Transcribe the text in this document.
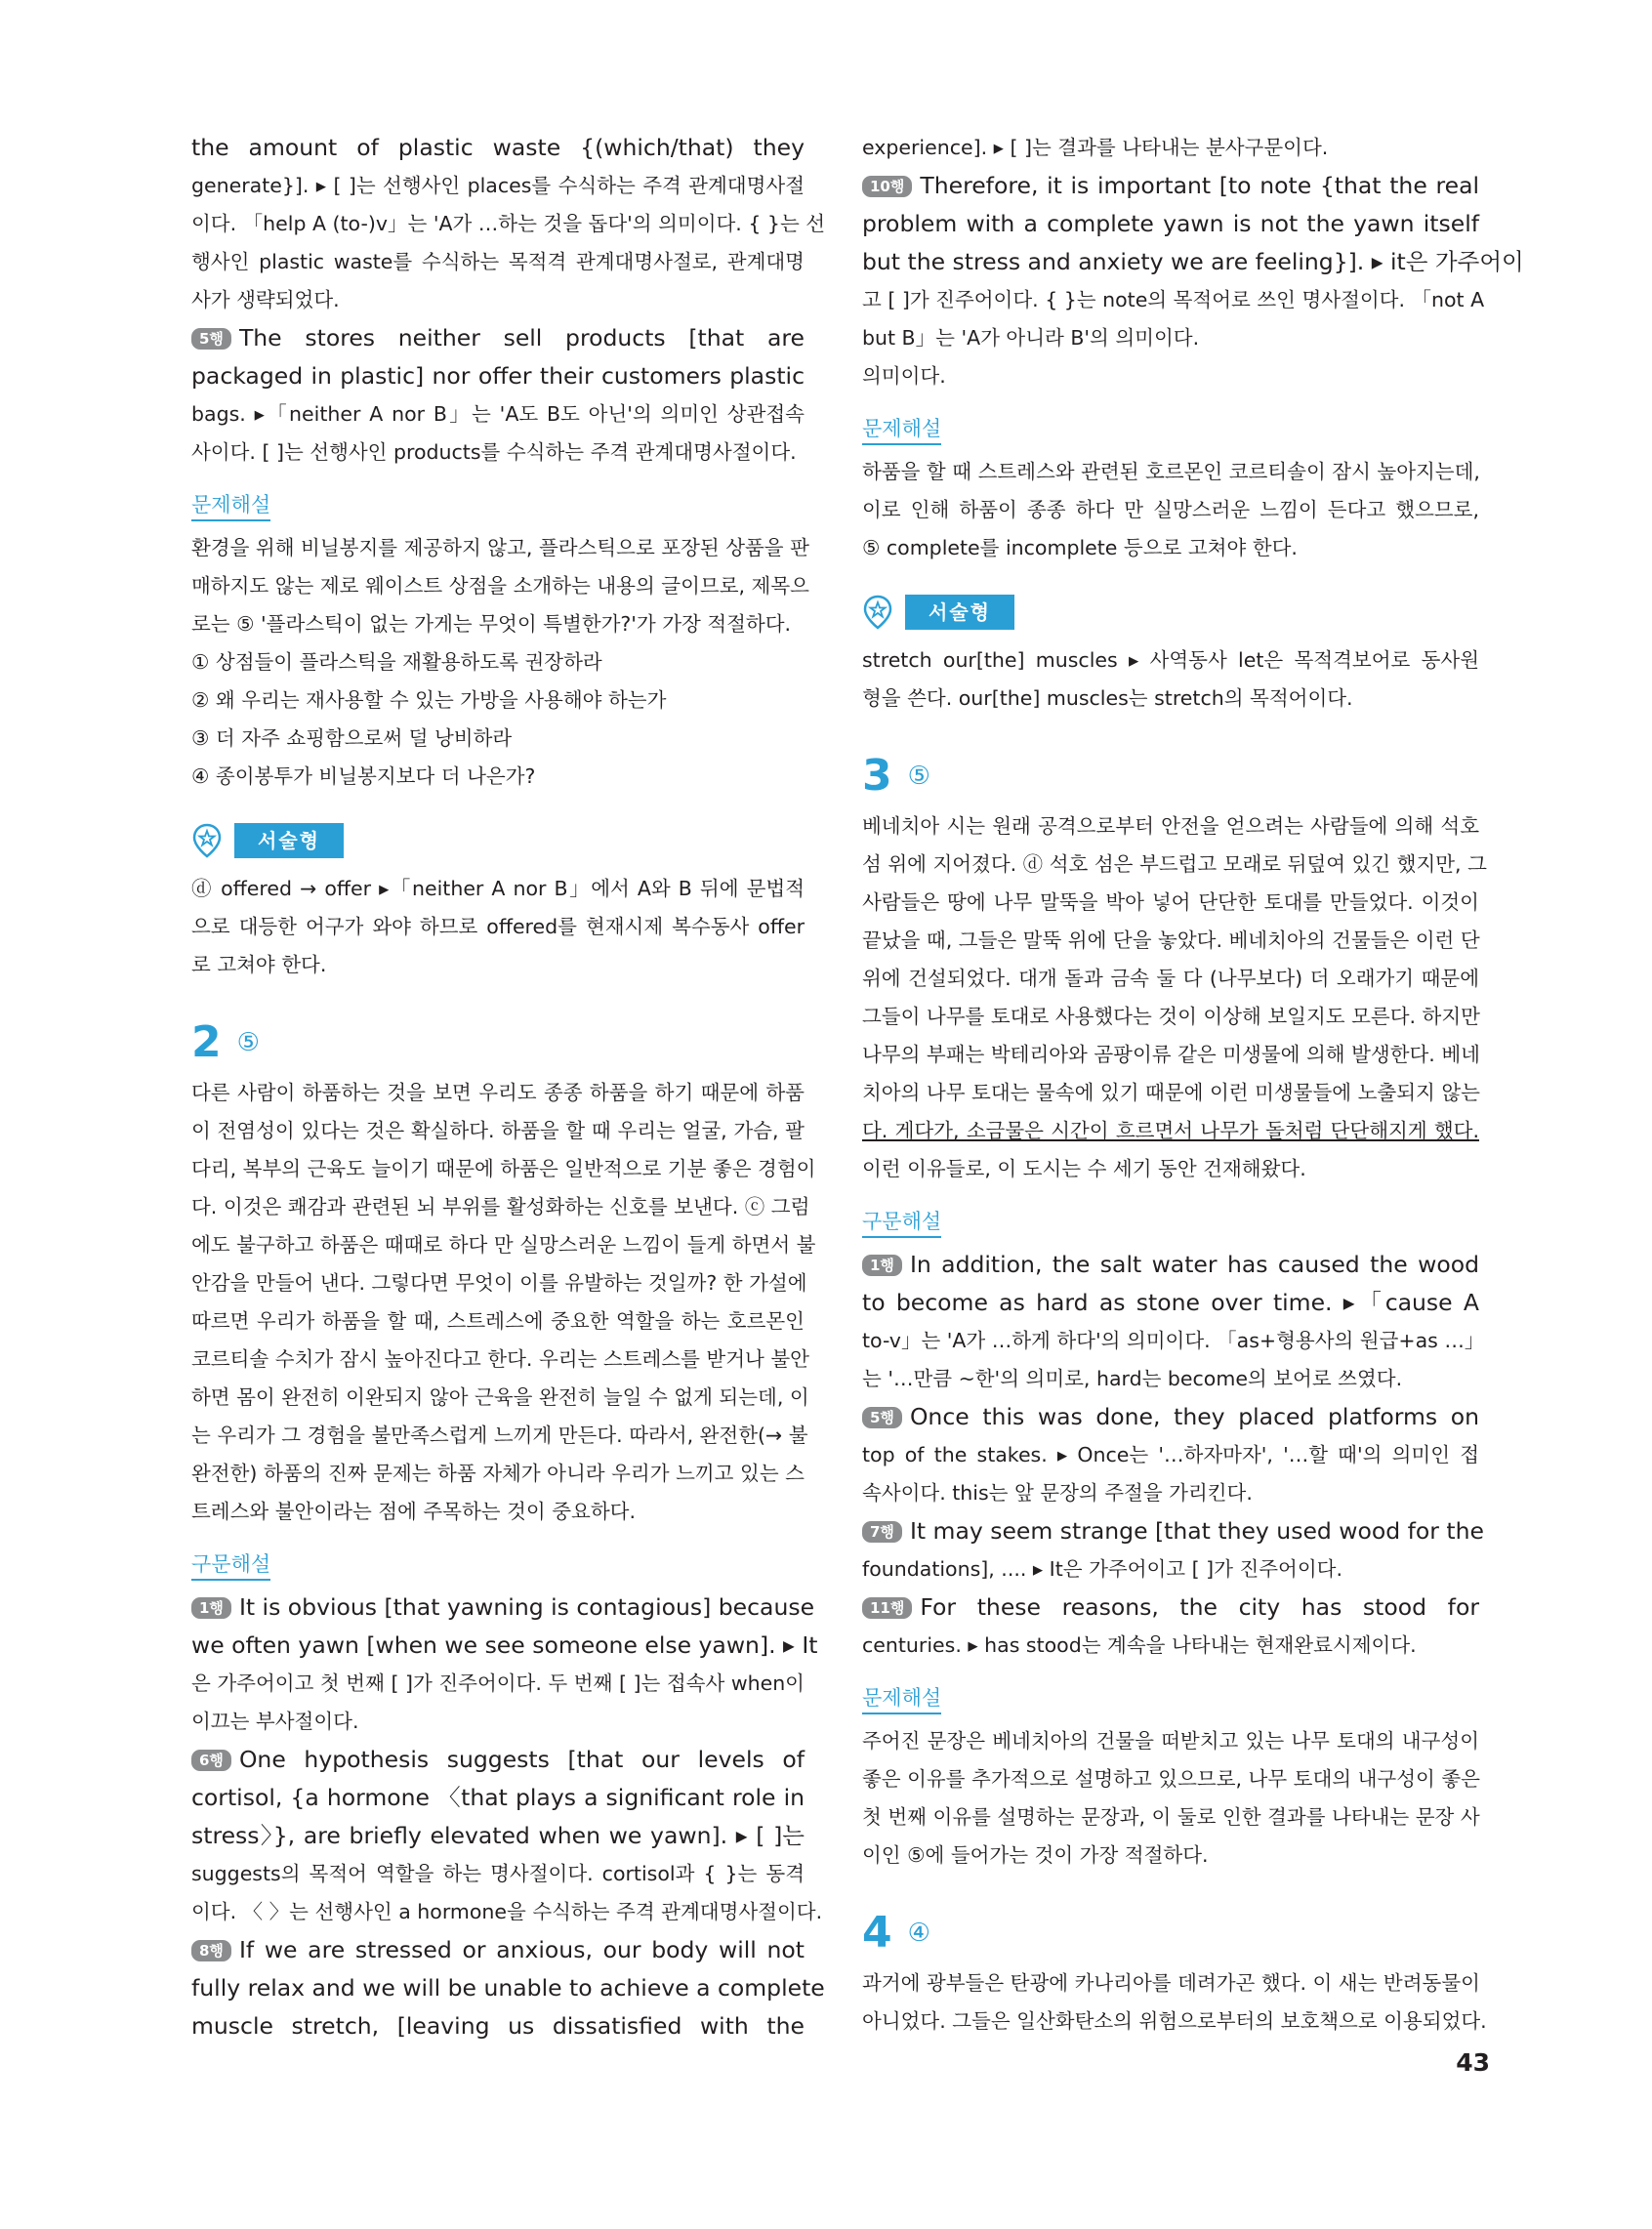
the amount of plastic waste {(which/that) they
generate}]. ▸ [ ]는 선행사인 places를 수식하는 주격 관계대명사절
이다. 「help A (to-)v」는 'A가 …하는 것을 돕다'의 의미이다. { }는 선
행사인 plastic waste를 수식하는 목적격 관계대명사절로, 관계대명
사가 생략되었다.
5행 The stores neither sell products [that are
packaged in plastic] nor offer their customers plastic
bags. ▸「neither A nor B」는 'A도 B도 아닌'의 의미인 상관접속
사이다. [ ]는 선행사인 products를 수식하는 주격 관계대명사절이다.
문제해설
환경을 위해 비닐봉지를 제공하지 않고, 플라스틱으로 포장된 상품을 판
매하지도 않는 제로 웨이스트 상점을 소개하는 내용의 글이므로, 제목으
로는 ⑤ '플라스틱이 없는 가게는 무엇이 특별한가?'가 가장 적절하다.
① 상점들이 플라스틱을 재활용하도록 권장하라
② 왜 우리는 재사용할 수 있는 가방을 사용해야 하는가
③ 더 자주 쇼핑함으로써 덜 낭비하라
④ 종이봉투가 비닐봉지보다 더 나은가?
서술형
ⓓ offered → offer ▸「neither A nor B」에서 A와 B 뒤에 문법적
으로 대등한 어구가 와야 하므로 offered를 현재시제 복수동사 offer
로 고쳐야 한다.
2 ⑤
다른 사람이 하품하는 것을 보면 우리도 종종 하품을 하기 때문에 하품
이 전염성이 있다는 것은 확실하다. 하품을 할 때 우리는 얼굴, 가슴, 팔
다리, 복부의 근육도 늘이기 때문에 하품은 일반적으로 기분 좋은 경험이
다. 이것은 쾌감과 관련된 뇌 부위를 활성화하는 신호를 보낸다. ⓒ 그럼
에도 불구하고 하품은 때때로 하다 만 실망스러운 느낌이 들게 하면서 불
안감을 만들어 낸다. 그렇다면 무엇이 이를 유발하는 것일까? 한 가설에
따르면 우리가 하품을 할 때, 스트레스에 중요한 역할을 하는 호르몬인
코르티솔 수치가 잠시 높아진다고 한다. 우리는 스트레스를 받거나 불안
하면 몸이 완전히 이완되지 않아 근육을 완전히 늘일 수 없게 되는데, 이
는 우리가 그 경험을 불만족스럽게 느끼게 만든다. 따라서, 완전한(→ 불
완전한) 하품의 진짜 문제는 하품 자체가 아니라 우리가 느끼고 있는 스
트레스와 불안이라는 점에 주목하는 것이 중요하다.
구문해설
1행 It is obvious [that yawning is contagious] because
we often yawn [when we see someone else yawn]. ▸ It
은 가주어이고 첫 번째 [ ]가 진주어이다. 두 번째 [ ]는 접속사 when이
이끄는 부사절이다.
6행 One hypothesis suggests [that our levels of
cortisol, {a hormone 〈that plays a significant role in
stress〉}, are briefly elevated when we yawn]. ▸ [ ]는
suggests의 목적어 역할을 하는 명사절이다. cortisol과 { }는 동격
이다. 〈 〉는 선행사인 a hormone을 수식하는 주격 관계대명사절이다.
8행 If we are stressed or anxious, our body will not
fully relax and we will be unable to achieve a complete
muscle stretch, [leaving us dissatisfied with the
experience]. ▸ [ ]는 결과를 나타내는 분사구문이다.
10행 Therefore, it is important [to note {that the real
problem with a complete yawn is not the yawn itself
but the stress and anxiety we are feeling}]. ▸ it은 가주어이
고 [ ]가 진주어이다. { }는 note의 목적어로 쓰인 명사절이다. 「not A
but B」는 'A가 아니라 B'의 의미이다.
의미이다.
문제해설
하품을 할 때 스트레스와 관련된 호르몬인 코르티솔이 잠시 높아지는데,
이로 인해 하품이 종종 하다 만 실망스러운 느낌이 든다고 했으므로,
⑤ complete를 incomplete 등으로 고쳐야 한다.
서술형
stretch our[the] muscles ▸ 사역동사 let은 목적격보어로 동사원
형을 쓴다. our[the] muscles는 stretch의 목적어이다.
3 ⑤
베네치아 시는 원래 공격으로부터 안전을 얻으려는 사람들에 의해 석호
섬 위에 지어졌다. ⓓ 석호 섬은 부드럽고 모래로 뒤덮여 있긴 했지만, 그
사람들은 땅에 나무 말뚝을 박아 넣어 단단한 토대를 만들었다. 이것이
끝났을 때, 그들은 말뚝 위에 단을 놓았다. 베네치아의 건물들은 이런 단
위에 건설되었다. 대개 돌과 금속 둘 다 (나무보다) 더 오래가기 때문에
그들이 나무를 토대로 사용했다는 것이 이상해 보일지도 모른다. 하지만
나무의 부패는 박테리아와 곰팡이류 같은 미생물에 의해 발생한다. 베네
치아의 나무 토대는 물속에 있기 때문에 이런 미생물들에 노출되지 않는
다. 게다가, 소금물은 시간이 흐르면서 나무가 돌처럼 단단해지게 했다.
이런 이유들로, 이 도시는 수 세기 동안 건재해왔다.
구문해설
1행 In addition, the salt water has caused the wood
to become as hard as stone over time. ▸「cause A
to-v」는 'A가 …하게 하다'의 의미이다. 「as+형용사의 원급+as …」
는 '…만큼 ~한'의 의미로, hard는 become의 보어로 쓰였다.
5행 Once this was done, they placed platforms on
top of the stakes. ▸ Once는 '…하자마자', '…할 때'의 의미인 접
속사이다. this는 앞 문장의 주절을 가리킨다.
7행 It may seem strange [that they used wood for the
foundations], .... ▸ It은 가주어이고 [ ]가 진주어이다.
11행 For these reasons, the city has stood for
centuries. ▸ has stood는 계속을 나타내는 현재완료시제이다.
문제해설
주어진 문장은 베네치아의 건물을 떠받치고 있는 나무 토대의 내구성이
좋은 이유를 추가적으로 설명하고 있으므로, 나무 토대의 내구성이 좋은
첫 번째 이유를 설명하는 문장과, 이 둘로 인한 결과를 나타내는 문장 사
이인 ⑤에 들어가는 것이 가장 적절하다.
4 ④
과거에 광부들은 탄광에 카나리아를 데려가곤 했다. 이 새는 반려동물이
아니었다. 그들은 일산화탄소의 위험으로부터의 보호책으로 이용되었다.
43
